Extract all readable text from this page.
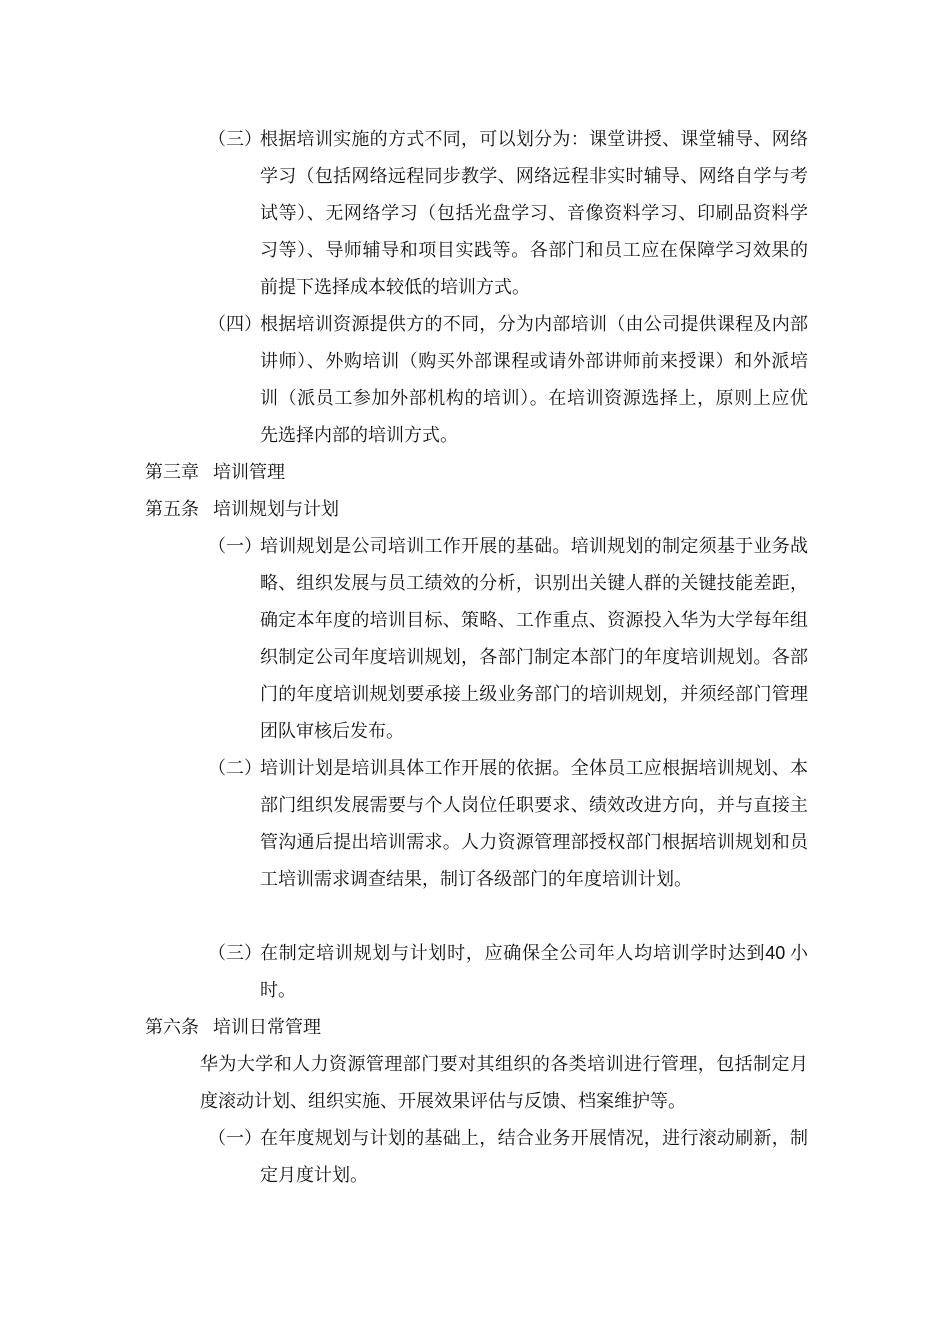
（三）
根据培训实施的方式不同，可以划分为：课堂讲授、课堂辅导、网络学习（包括网络远程同步教学、网络远程非实时辅导、网络自学与考试等）、无网络学习（包括光盘学习、音像资料学习、印刷品资料学习等）、导师辅导和项目实践等。各部门和员工应在保障学习效果的前提下选择成本较低的培训方式。
（四）
根据培训资源提供方的不同，分为内部培训（由公司提供课程及内部讲师）、外购培训（购买外部课程或请外部讲师前来授课）和外派培训（派员工参加外部机构的培训）。在培训资源选择上，原则上应优先选择内部的培训方式。
第三章 培训管理
第五条 培训规划与计划
（一）
培训规划是公司培训工作开展的基础。培训规划的制定须基于业务战略、组织发展与员工绩效的分析，识别出关键人群的关键技能差距，确定本年度的培训目标、策略、工作重点、资源投入华为大学每年组织制定公司年度培训规划，各部门制定本部门的年度培训规划。各部门的年度培训规划要承接上级业务部门的培训规划，并须经部门管理团队审核后发布。
（二）
培训计划是培训具体工作开展的依据。全体员工应根据培训规划、本部门组织发展需要与个人岗位任职要求、绩效改进方向，并与直接主管沟通后提出培训需求。人力资源管理部授权部门根据培训规划和员工培训需求调查结果，制订各级部门的年度培训计划。
（三）
在制定培训规划与计划时，应确保全公司年人均培训学时达到40 小时。
第六条 培训日常管理
华为大学和人力资源管理部门要对其组织的各类培训进行管理，包括制定月度滚动计划、组织实施、开展效果评估与反馈、档案维护等。
（一）
在年度规划与计划的基础上，结合业务开展情况，进行滚动刷新，制定月度计划。
